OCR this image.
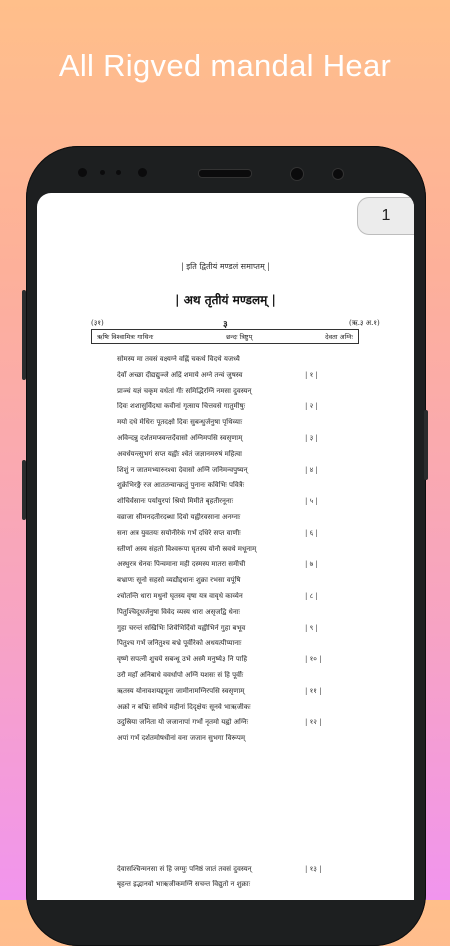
All Rigved mandal Hear
| इति द्वितीयं मण्डलं समाप्तम् |
| अथ तृतीयं मण्डलम् |
(३१)	३	(ऋ.३ अ.१)
ऋषिः विश्वामित्रः गाथिनः	छन्दः त्रिष्टुप्	देवता अग्निः
सोमस्य मा तवसं वक्ष्यग्ने वह्निं चकर्थ विदथे यजध्यै
देवाँ अच्छा दीद्यद्युञ्जे अद्रिं शमाये अग्ने तन्वं जुषस्व	| १ |
प्राञ्चं यज्ञं चकृम वर्धतां गीः समिद्भिरग्निं नमसा दुवस्यन्
दिवः शशासुर्विदथा कवीनां गृत्साय चित्तवसे गातुमीषुः	| २ |
मयो दधे मेधिरः पूतदक्षो दिवः सुबन्धुर्जनुषा पृथिव्याः
अविन्दन्नु दर्शतमप्स्वन्तर्देवासो अग्निमपसि स्वसॄणाम्	| ३ |
अवर्धयन्त्सुभगं सप्त यह्वीः श्वेतं जज्ञानमरुषं महित्वा
शिशुं न जातमभ्यारुरश्वा देवासो अग्निं जनिमन्वपुष्यन्	| ४ |
शुक्रेभिरङ्गै रज आततन्वान्क्रतुं पुनानः कविभिः पवित्रैः
शोचिर्वसानः पर्यायुरपां श्रियो मिमीते बृहतीरनूनाः	| ५ |
वव्राजा सीमनदतीरदब्धा दिवो यह्वीरवसाना अनग्नाः
सना अत्र युवतयः सयोनीरेकं गर्भं दधिरे सप्त वाणीः	| ६ |
स्तीर्णा अस्य संहतो विश्वरूपा घृतस्य योनौ स्रवथे मधूनाम्
अस्थुरत्र धेनवः पिन्वमाना मही दस्मस्य मातरा समीची	| ७ |
बभ्राणः सूनो सहसो व्यद्यौद्दधानः शुक्रा रभसा वपूंषि
श्चोतन्ति धारा मधुनो घृतस्य वृषा यत्र वावृधे काव्येन	| ८ |
पितुश्चिदूधर्जनुषा विवेद व्यस्य धारा असृजद्वि धेनाः
गुहा चरन्तं सखिभिः शिवेभिर्दिवो यह्वीभिर्न गुहा बभूव	| ९ |
पितुश्च गर्भं जनितुश्च बभ्रे पूर्वीरेको अधयत्पीप्यानाः
वृष्णे सपत्नी शुचये सबन्धू उभे अस्मै मनुष्ये३ नि पाहि	| १० |
उरौ महाँ अनिबाधे ववर्धापो अग्निं यशसः सं हि पूर्वीः
ऋतस्य योनावशयद्दमूना जामीनामग्निरपसि स्वसॄणाम्	| ११ |
अक्रो न बभ्रिः समिथे महीनां दिदृक्षेयः सूनवे भाऋजीकः
उदुस्रिया जनिता यो जजानापां गर्भो नृतमो यह्वो अग्निः	| १२ |
अपां गर्भं दर्शतमोषधीनां वना जजान सुभगा विरूपम्
देवासश्चिन्मनसा सं हि जग्मुः पनिष्ठं जातं तवसं दुवस्यन्	| १३ |
बृहन्त इद्भानवो भाऋजीकमग्निं सचन्त विद्युतो न शुक्राः
1
